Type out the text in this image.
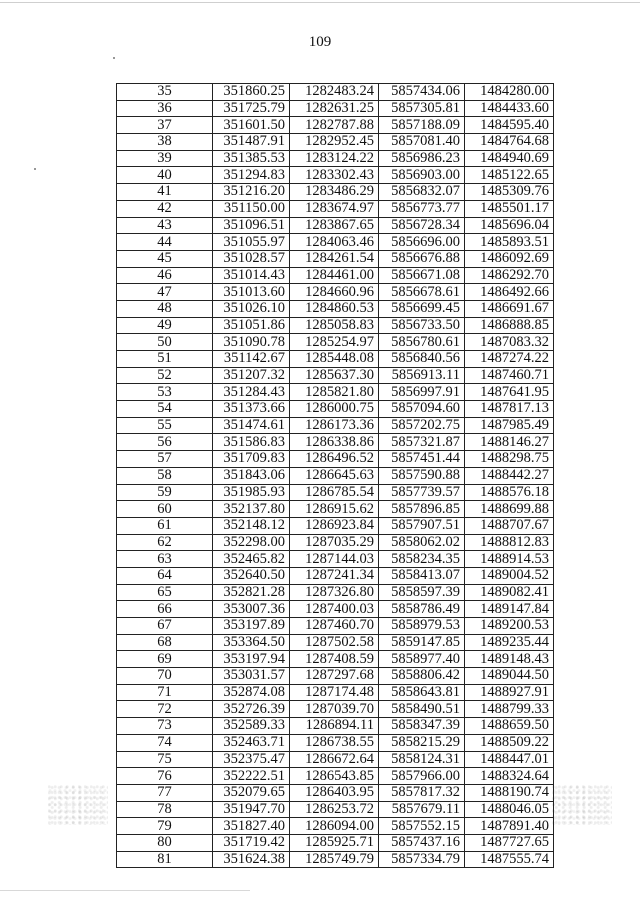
109
35	351860.25	1282483.24	5857434.06	1484280.00
36	351725.79	1282631.25	5857305.81	1484433.60
37	351601.50	1282787.88	5857188.09	1484595.40
38	351487.91	1282952.45	5857081.40	1484764.68
39	351385.53	1283124.22	5856986.23	1484940.69
40	351294.83	1283302.43	5856903.00	1485122.65
41	351216.20	1283486.29	5856832.07	1485309.76
42	351150.00	1283674.97	5856773.77	1485501.17
43	351096.51	1283867.65	5856728.34	1485696.04
44	351055.97	1284063.46	5856696.00	1485893.51
45	351028.57	1284261.54	5856676.88	1486092.69
46	351014.43	1284461.00	5856671.08	1486292.70
47	351013.60	1284660.96	5856678.61	1486492.66
48	351026.10	1284860.53	5856699.45	1486691.67
49	351051.86	1285058.83	5856733.50	1486888.85
50	351090.78	1285254.97	5856780.61	1487083.32
51	351142.67	1285448.08	5856840.56	1487274.22
52	351207.32	1285637.30	5856913.11	1487460.71
53	351284.43	1285821.80	5856997.91	1487641.95
54	351373.66	1286000.75	5857094.60	1487817.13
55	351474.61	1286173.36	5857202.75	1487985.49
56	351586.83	1286338.86	5857321.87	1488146.27
57	351709.83	1286496.52	5857451.44	1488298.75
58	351843.06	1286645.63	5857590.88	1488442.27
59	351985.93	1286785.54	5857739.57	1488576.18
60	352137.80	1286915.62	5857896.85	1488699.88
61	352148.12	1286923.84	5857907.51	1488707.67
62	352298.00	1287035.29	5858062.02	1488812.83
63	352465.82	1287144.03	5858234.35	1488914.53
64	352640.50	1287241.34	5858413.07	1489004.52
65	352821.28	1287326.80	5858597.39	1489082.41
66	353007.36	1287400.03	5858786.49	1489147.84
67	353197.89	1287460.70	5858979.53	1489200.53
68	353364.50	1287502.58	5859147.85	1489235.44
69	353197.94	1287408.59	5858977.40	1489148.43
70	353031.57	1287297.68	5858806.42	1489044.50
71	352874.08	1287174.48	5858643.81	1488927.91
72	352726.39	1287039.70	5858490.51	1488799.33
73	352589.33	1286894.11	5858347.39	1488659.50
74	352463.71	1286738.55	5858215.29	1488509.22
75	352375.47	1286672.64	5858124.31	1488447.01
76	352222.51	1286543.85	5857966.00	1488324.64
77	352079.65	1286403.95	5857817.32	1488190.74
78	351947.70	1286253.72	5857679.11	1488046.05
79	351827.40	1286094.00	5857552.15	1487891.40
80	351719.42	1285925.71	5857437.16	1487727.65
81	351624.38	1285749.79	5857334.79	1487555.74
